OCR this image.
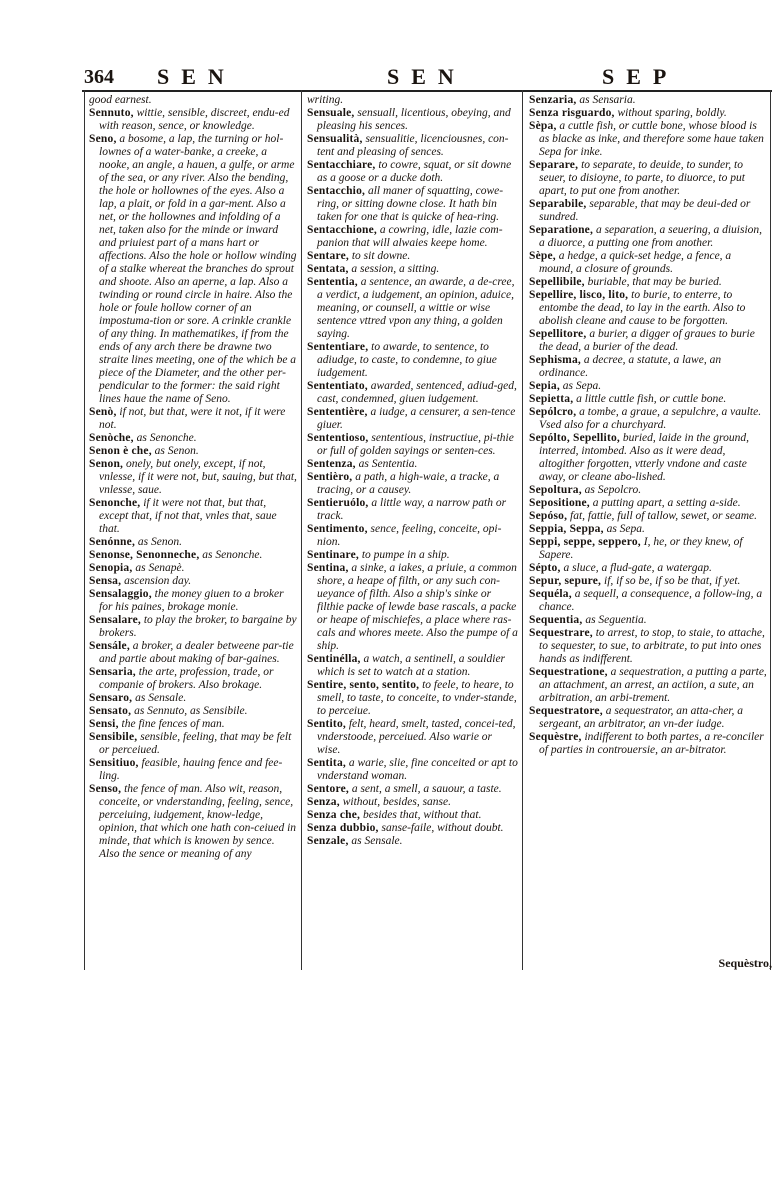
364 SEN	SEN	SEP

good earnest.

Sennuto, wittie, sensible, discreet, endu-ed with reason, sence, or knowledge.

Seno, a bosome, a lap, the turning or hol-lownes of a water-banke, a creeke, a nooke, an angle, a hauen, a gulfe, or arme of the sea, or any river. Also the bending, the hole or hollownes of the eyes. Also a lap, a plait, or fold in a gar-ment. Also a net, or the hollownes and infolding of a net, taken also for the minde or inward and priuiest part of a mans hart or affections. Also the hole or hollow winding of a stalke whereat the branches do sprout and shoote. Also an aperne, a lap. Also a twinding or round circle in haire. Also the hole or foule hollow corner of an impostuma-tion or sore. A crinkle crankle of any thing. In mathematikes, if from the ends of any arch there be drawne two straite lines meeting, one of the which be a piece of the Diameter, and the other per-pendicular to the former: the said right lines haue the name of Seno.

Senò, if not, but that, were it not, if it were not.

Senòche, as Senonche.

Senon è che, as Senon.

Senon, onely, but onely, except, if not, vnlesse, if it were not, but, sauing, but that, vnlesse, saue.

Senonche, if it were not that, but that, except that, if not that, vnles that, saue that.

Senónne, as Senon.

Senonse, Senonneche, as Senonche.

Senopia, as Senapè.

Sensa, ascension day.

Sensalaggio, the money giuen to a broker for his paines, brokage monie.

Sensalare, to play the broker, to bargaine by brokers.

Sensále, a broker, a dealer betweene par-tie and partie about making of bar-gaines.

Sensaria, the arte, profession, trade, or companie of brokers. Also brokage.

Sensaro, as Sensale.

Sensato, as Sennuto, as Sensibile.

Sensi, the fine fences of man.

Sensibile, sensible, feeling, that may be felt or perceiued.

Sensitiuo, feasible, hauing fence and fee-ling.

Senso, the fence of man. Also wit, reason, conceite, or vnderstanding, feeling, sence, perceiuing, iudgement, know-ledge, opinion, that which one hath con-ceiued in minde, that which is knowen by sence. Also the sence or meaning of any

writing.

Sensuale, sensuall, licentious, obeying, and pleasing his sences.

Sensualità, sensualitie, licenciousnes, con-tent and pleasing of sences.

Sentacchiare, to cowre, squat, or sit downe as a goose or a ducke doth.

Sentacchio, all maner of squatting, cowe-ring, or sitting downe close. It hath bin taken for one that is quicke of hea-ring.

Sentacchione, a cowring, idle, lazie com-panion that will alwaies keepe home.

Sentare, to sit downe.

Sentata, a session, a sitting.

Sententia, a sentence, an awarde, a de-cree, a verdict, a iudgement, an opinion, aduice, meaning, or counsell, a wittie or wise sentence vttred vpon any thing, a golden saying.

Sententiare, to awarde, to sentence, to adiudge, to caste, to condemne, to giue iudgement.

Sententiato, awarded, sentenced, adiud-ged, cast, condemned, giuen iudgement.

Sententière, a iudge, a censurer, a sen-tence giuer.

Sententioso, sententious, instructiue, pi-thie or full of golden sayings or senten-ces.

Sentenza, as Sententia.

Sentièro, a path, a high-waie, a tracke, a tracing, or a causey.

Sentieruólo, a little way, a narrow path or track.

Sentimento, sence, feeling, conceite, opi-nion.

Sentinare, to pumpe in a ship.

Sentina, a sinke, a iakes, a priuie, a common shore, a heape of filth, or any such con-ueyance of filth. Also a ship's sinke or filthie packe of lewde base rascals, a packe or heape of mischiefes, a place where ras-cals and whores meete. Also the pumpe of a ship.

Sentinélla, a watch, a sentinell, a souldier which is set to watch at a station.

Sentire, sento, sentito, to feele, to heare, to smell, to taste, to conceite, to vnder-stande, to perceiue.

Sentito, felt, heard, smelt, tasted, concei-ted, vnderstoode, perceiued. Also warie or wise.

Sentita, a warie, slie, fine conceited or apt to vnderstand woman.

Sentore, a sent, a smell, a sauour, a taste.

Senza, without, besides, sanse.

Senza che, besides that, without that.

Senza dubbio, sanse-faile, without doubt.

Senzale, as Sensale.

Senzaria, as Sensaria.

Senza risguardo, without sparing, boldly.

Sèpa, a cuttle fish, or cuttle bone, whose blood is as blacke as inke, and therefore some haue taken Sepa for inke.

Separare, to separate, to deuide, to sunder, to seuer, to disioyne, to parte, to diuorce, to put apart, to put one from another.

Separabile, separable, that may be deui-ded or sundred.

Separatione, a separation, a seuering, a diuision, a diuorce, a putting one from another.

Sèpe, a hedge, a quick-set hedge, a fence, a mound, a closure of grounds.

Sepellibile, buriable, that may be buried.

Sepellire, lisco, lito, to burie, to enterre, to entombe the dead, to lay in the earth. Also to abolish cleane and cause to be forgotten.

Sepellitore, a burier, a digger of graues to burie the dead, a burier of the dead.

Sephisma, a decree, a statute, a lawe, an ordinance.

Sepia, as Sepa.

Sepietta, a little cuttle fish, or cuttle bone.

Sepólcro, a tombe, a graue, a sepulchre, a vaulte. Vsed also for a churchyard.

Sepólto, Sepellito, buried, laide in the ground, interred, intombed. Also as it were dead, altogither forgotten, vtterly vndone and caste away, or cleane abo-lished.

Sepoltura, as Sepolcro.

Sepositione, a putting apart, a setting a-side.

Sepóso, fat, fattie, full of tallow, sewet, or seame.

Seppia, Seppa, as Sepa.

Seppi, seppe, seppero, I, he, or they knew, of Sapere.

Sépto, a sluce, a flud-gate, a watergap.

Sepur, sepure, if, if so be, if so be that, if yet.

Sequéla, a sequell, a consequence, a follow-ing, a chance.

Sequentia, as Seguentia.

Sequestrare, to arrest, to stop, to staie, to attache, to sequester, to sue, to arbitrate, to put into ones hands as indifferent.

Sequestratione, a sequestration, a putting a parte, an attachment, an arrest, an actiion, a sute, an arbitration, an arbi-trement.

Sequestratore, a sequestrator, an atta-cher, a sergeant, an arbitrator, an vn-der iudge.

Sequèstre, indifferent to both partes, a re-conciler of parties in controuersie, an ar-bitrator.

Sequèstro,
